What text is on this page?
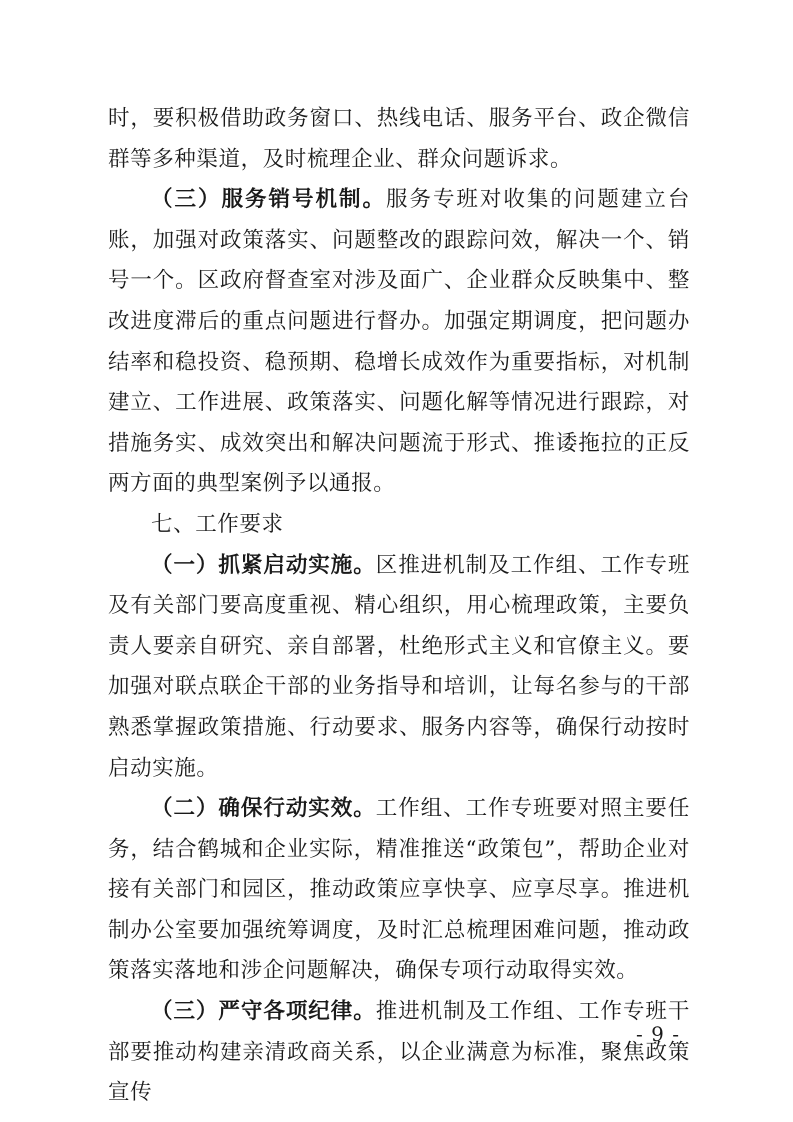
时，要积极借助政务窗口、热线电话、服务平台、政企微信群等多种渠道，及时梳理企业、群众问题诉求。

（三）服务销号机制。服务专班对收集的问题建立台账，加强对政策落实、问题整改的跟踪问效，解决一个、销号一个。区政府督查室对涉及面广、企业群众反映集中、整改进度滞后的重点问题进行督办。加强定期调度，把问题办结率和稳投资、稳预期、稳增长成效作为重要指标，对机制建立、工作进展、政策落实、问题化解等情况进行跟踪，对措施务实、成效突出和解决问题流于形式、推诿拖拉的正反两方面的典型案例予以通报。

七、工作要求

（一）抓紧启动实施。区推进机制及工作组、工作专班及有关部门要高度重视、精心组织，用心梳理政策，主要负责人要亲自研究、亲自部署，杜绝形式主义和官僚主义。要加强对联点联企干部的业务指导和培训，让每名参与的干部熟悉掌握政策措施、行动要求、服务内容等，确保行动按时启动实施。

（二）确保行动实效。工作组、工作专班要对照主要任务，结合鹤城和企业实际，精准推送“政策包”，帮助企业对接有关部门和园区，推动政策应享快享、应享尽享。推进机制办公室要加强统筹调度，及时汇总梳理困难问题，推动政策落实落地和涉企问题解决，确保专项行动取得实效。

（三）严守各项纪律。推进机制及工作组、工作专班干部要推动构建亲清政商关系，以企业满意为标准，聚焦政策宣传

- 9 -
